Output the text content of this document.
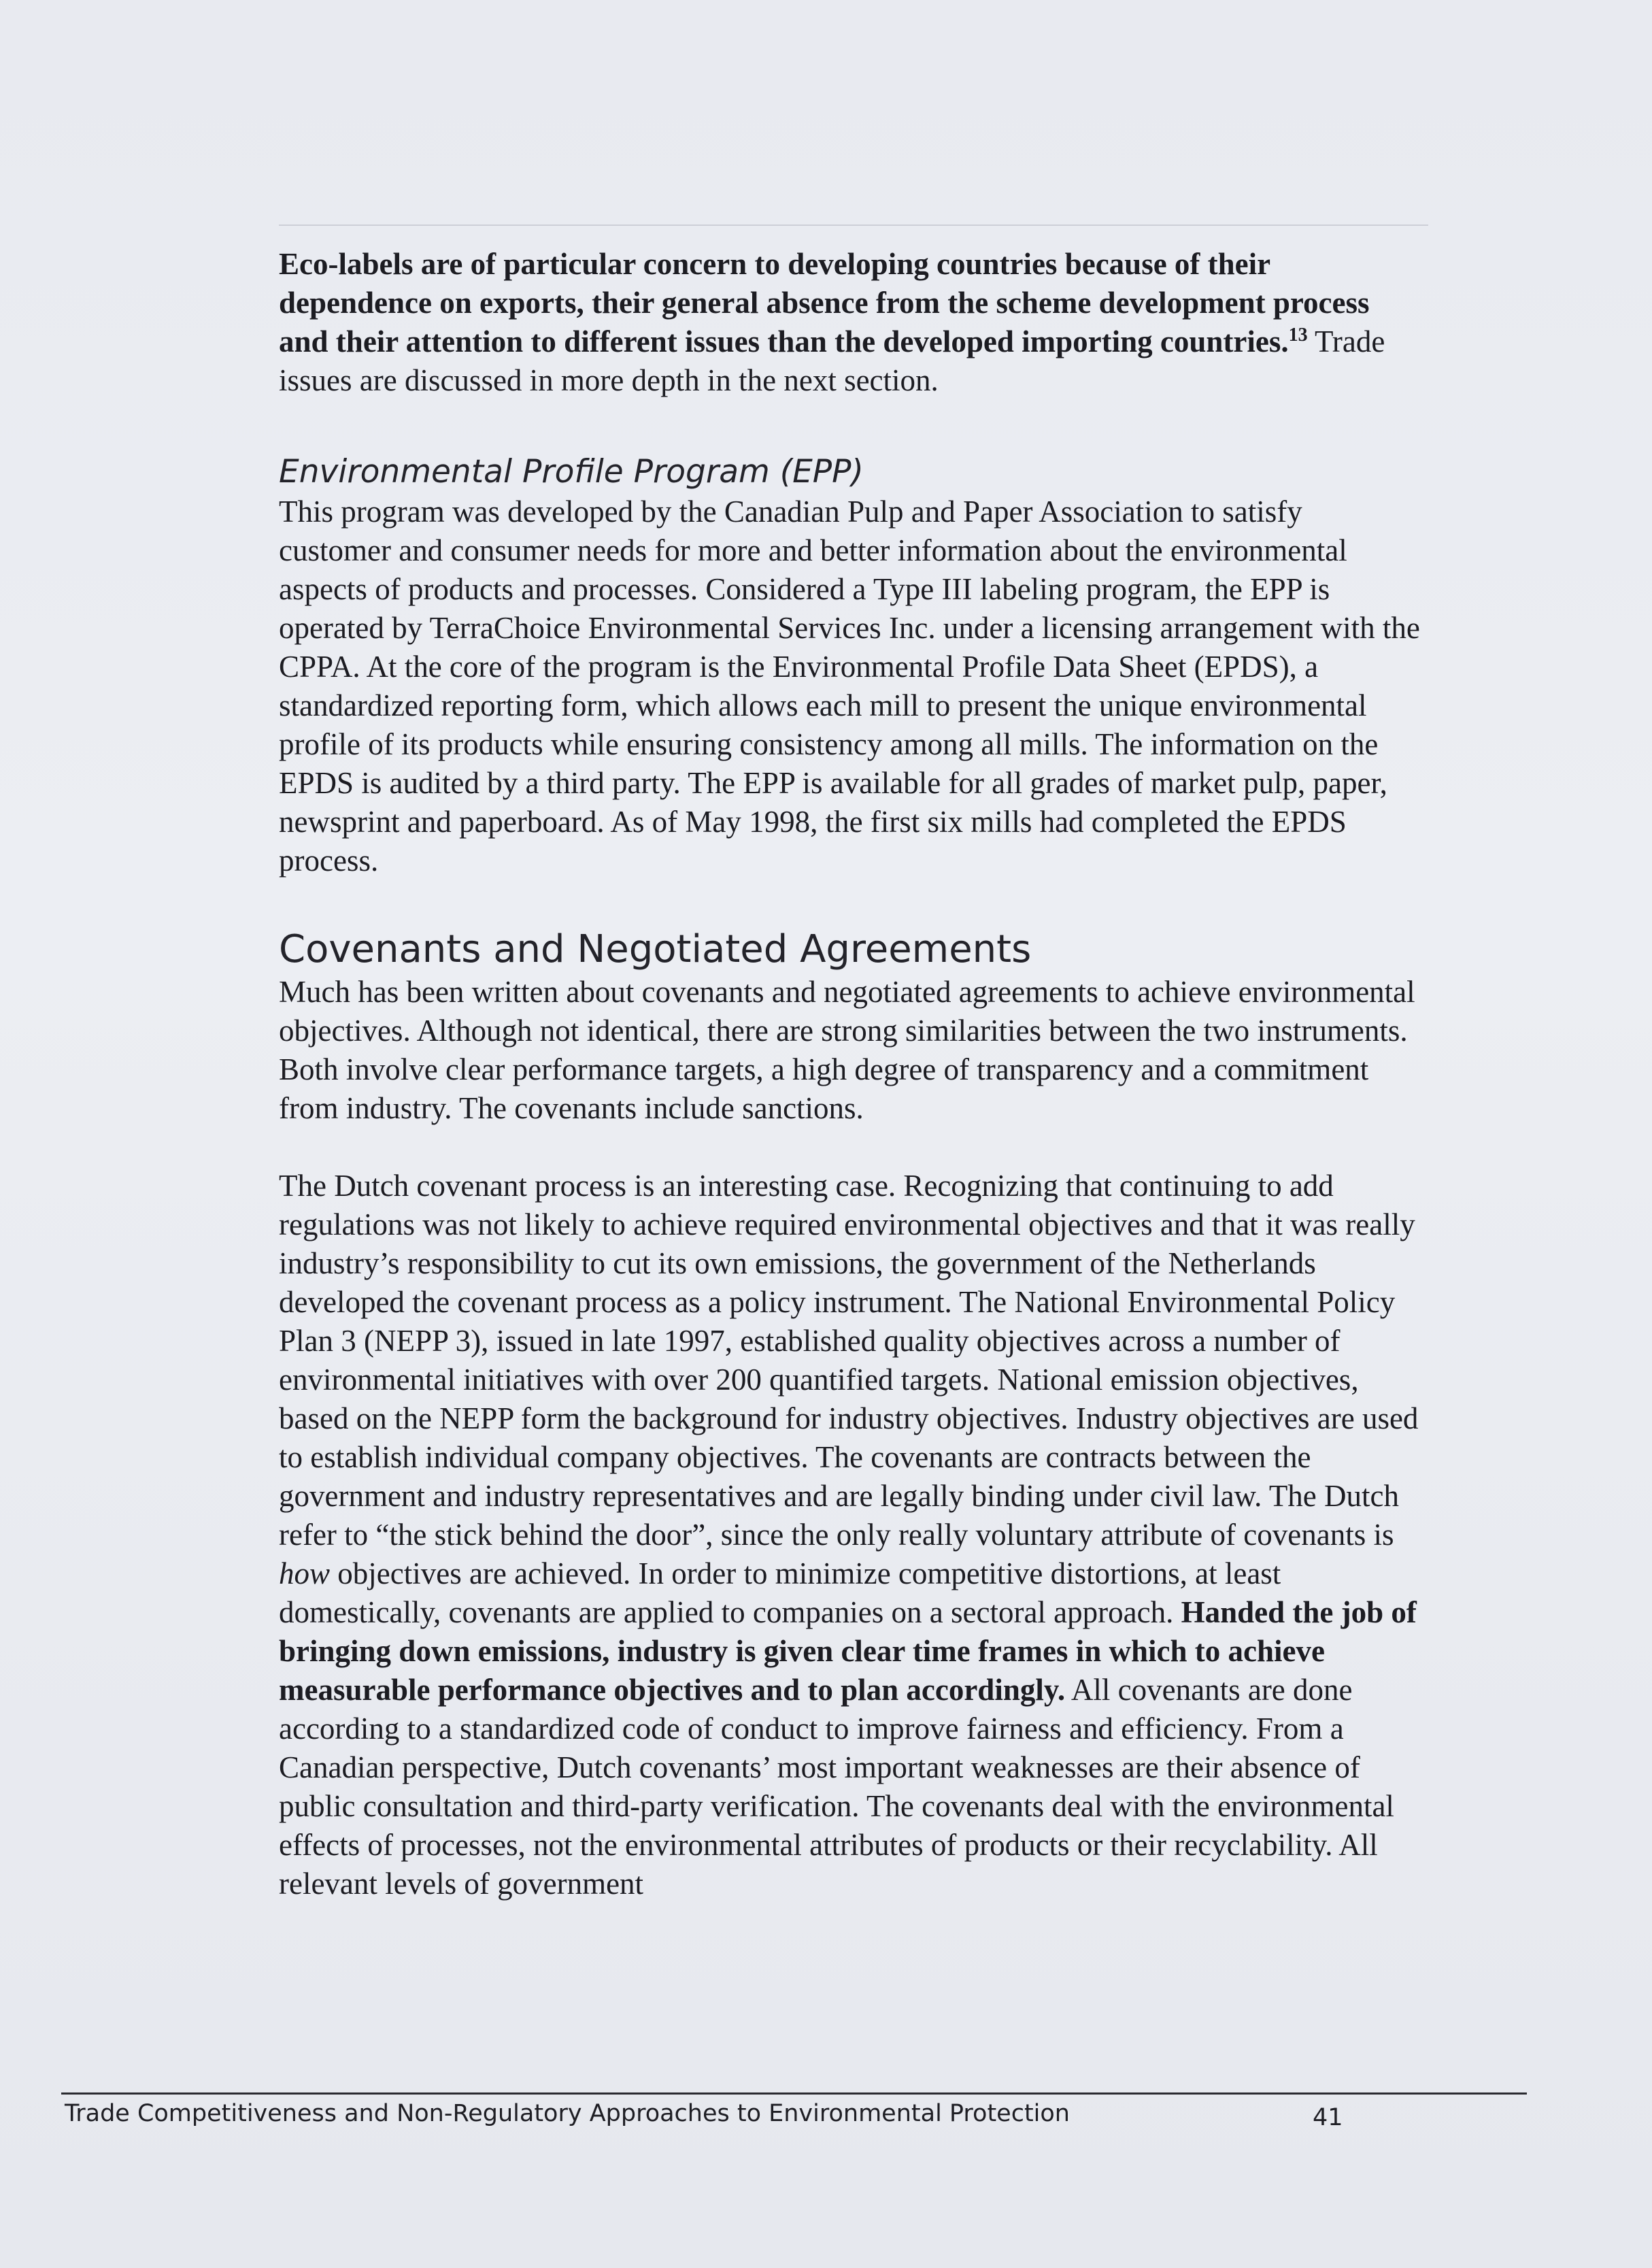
Eco-labels are of particular concern to developing countries because of their dependence on exports, their general absence from the scheme development process and their attention to different issues than the developed importing countries.$^{13}$ Trade issues are discussed in more depth in the next section.

Environmental Profile Program (EPP)

This program was developed by the Canadian Pulp and Paper Association to satisfy customer and consumer needs for more and better information about the environmental aspects of products and processes. Considered a Type III labeling program, the EPP is operated by TerraChoice Environmental Services Inc. under a licensing arrangement with the CPPA. At the core of the program is the Environmental Profile Data Sheet (EPDS), a standardized reporting form, which allows each mill to present the unique environmental profile of its products while ensuring consistency among all mills. The information on the EPDS is audited by a third party. The EPP is available for all grades of market pulp, paper, newsprint and paperboard. As of May 1998, the first six mills had completed the EPDS process.

Covenants and Negotiated Agreements

Much has been written about covenants and negotiated agreements to achieve environmental objectives. Although not identical, there are strong similarities between the two instruments. Both involve clear performance targets, a high degree of transparency and a commitment from industry. The covenants include sanctions.

The Dutch covenant process is an interesting case. Recognizing that continuing to add regulations was not likely to achieve required environmental objectives and that it was really industry’s responsibility to cut its own emissions, the government of the Netherlands developed the covenant process as a policy instrument. The National Environmental Policy Plan 3 (NEPP 3), issued in late 1997, established quality objectives across a number of environmental initiatives with over 200 quantified targets. National emission objectives, based on the NEPP form the background for industry objectives. Industry objectives are used to establish individual company objectives. The covenants are contracts between the government and industry representatives and are legally binding under civil law. The Dutch refer to “the stick behind the door”, since the only really voluntary attribute of covenants is how objectives are achieved. In order to minimize competitive distortions, at least domestically, covenants are applied to companies on a sectoral approach. Handed the job of bringing down emissions, industry is given clear time frames in which to achieve measurable performance objectives and to plan accordingly. All covenants are done according to a standardized code of conduct to improve fairness and efficiency. From a Canadian perspective, Dutch covenants’ most important weaknesses are their absence of public consultation and third-party verification. The covenants deal with the environmental effects of processes, not the environmental attributes of products or their recyclability. All relevant levels of government

Trade Competitiveness and Non-Regulatory Approaches to Environmental Protection	41
